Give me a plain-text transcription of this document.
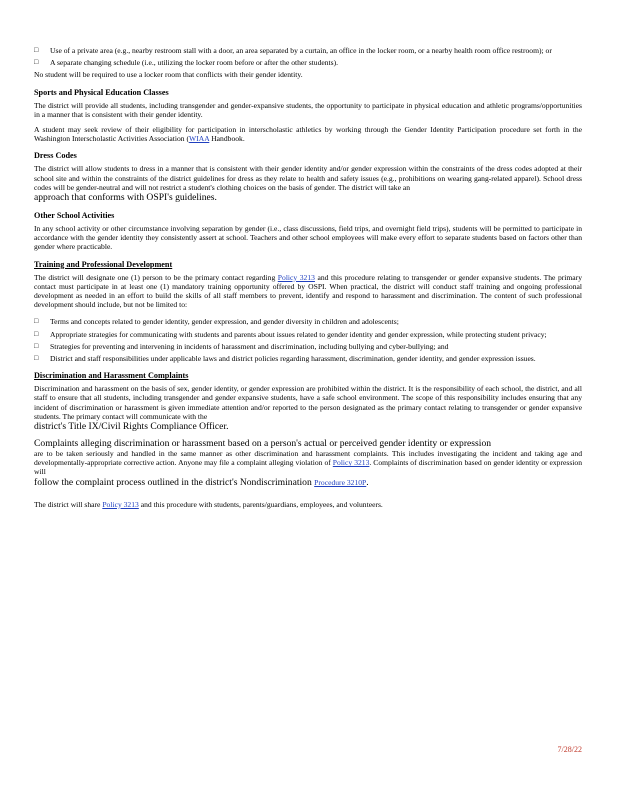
□	Use of a private area (e.g., nearby restroom stall with a door, an area separated by a curtain, an office in the locker room, or a nearby health room office restroom); or

□	A separate changing schedule (i.e., utilizing the locker room before or after the other students).

No student will be required to use a locker room that conflicts with their gender identity.

Sports and Physical Education Classes

The district will provide all students, including transgender and gender-expansive students, the opportunity to participate in physical education and athletic programs/opportunities in a manner that is consistent with their gender identity.

A student may seek review of their eligibility for participation in interscholastic athletics by working through the Gender Identity Participation procedure set forth in the Washington Interscholastic Activities Association (WIAA Handbook.

Dress Codes

The district will allow students to dress in a manner that is consistent with their gender identity and/or gender expression within the constraints of the dress codes adopted at their school site and within the constraints of the district guidelines for dress as they relate to health and safety issues (e.g., prohibitions on wearing gang-related apparel). School dress codes will be gender-neutral and will not restrict a student's clothing choices on the basis of gender. The district will take an

approach that conforms with OSPI's guidelines.

Other School Activities

In any school activity or other circumstance involving separation by gender (i.e., class discussions, field trips, and overnight field trips), students will be permitted to participate in accordance with the gender identity they consistently assert at school. Teachers and other school employees will make every effort to separate students based on factors other than gender where practicable.

Training and Professional Development

The district will designate one (1) person to be the primary contact regarding Policy 3213 and this procedure relating to transgender or gender expansive students. The primary contact must participate in at least one (1) mandatory training opportunity offered by OSPI. When practical, the district will conduct staff training and ongoing professional development as needed in an effort to build the skills of all staff members to prevent, identify and respond to harassment and discrimination. The content of such professional development should include, but not be limited to:

□	Terms and concepts related to gender identity, gender expression, and gender diversity in children and adolescents;

□	Appropriate strategies for communicating with students and parents about issues related to gender identity and gender expression, while protecting student privacy;

□	Strategies for preventing and intervening in incidents of harassment and discrimination, including bullying and cyber-bullying; and

□	District and staff responsibilities under applicable laws and district policies regarding harassment, discrimination, gender identity, and gender expression issues.

Discrimination and Harassment Complaints

Discrimination and harassment on the basis of sex, gender identity, or gender expression are prohibited within the district. It is the responsibility of each school, the district, and all staff to ensure that all students, including transgender and gender expansive students, have a safe school environment. The scope of this responsibility includes ensuring that any incident of discrimination or harassment is given immediate attention and/or reported to the person designated as the primary contact relating to transgender or gender expansive students. The primary contact will communicate with the

district's Title IX/Civil Rights Compliance Officer.

Complaints alleging discrimination or harassment based on a person's actual or perceived gender identity or expression

are to be taken seriously and handled in the same manner as other discrimination and harassment complaints. This includes investigating the incident and taking age and developmentally-appropriate corrective action. Anyone may file a complaint alleging violation of Policy 3213. Complaints of discrimination based on gender identity or expression will

follow the complaint process outlined in the district's Nondiscrimination Procedure 3210P.

The district will share Policy 3213 and this procedure with students, parents/guardians, employees, and volunteers.

7/28/22
